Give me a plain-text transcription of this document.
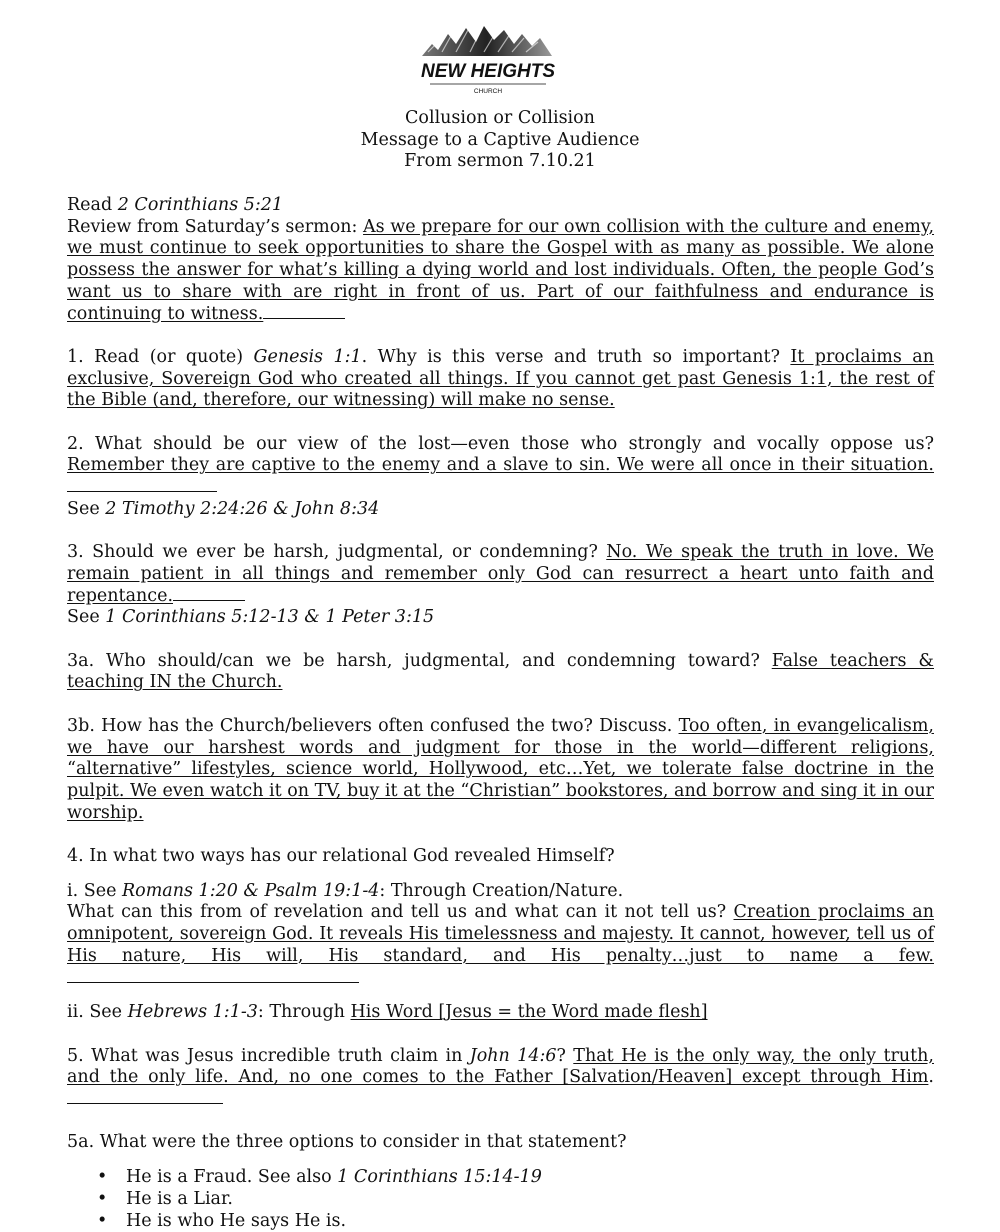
NEW HEIGHTS
CHURCH
Collusion or Collision
Message to a Captive Audience
From sermon 7.10.21
Read 2 Corinthians 5:21
Review from Saturday’s sermon: As we prepare for our own collision with the culture and enemy, we must continue to seek opportunities to share the Gospel with as many as possible. We alone possess the answer for what’s killing a dying world and lost individuals. Often, the people God’s want us to share with are right in front of us. Part of our faithfulness and endurance is continuing to witness.
1. Read (or quote) Genesis 1:1. Why is this verse and truth so important? It proclaims an exclusive, Sovereign God who created all things. If you cannot get past Genesis 1:1, the rest of the Bible (and, therefore, our witnessing) will make no sense.
2. What should be our view of the lost—even those who strongly and vocally oppose us? Remember they are captive to the enemy and a slave to sin. We were all once in their situation.
See 2 Timothy 2:24:26 & John 8:34
3. Should we ever be harsh, judgmental, or condemning? No. We speak the truth in love. We remain patient in all things and remember only God can resurrect a heart unto faith and repentance.
See 1 Corinthians 5:12-13 & 1 Peter 3:15
3a. Who should/can we be harsh, judgmental, and condemning toward? False teachers & teaching IN the Church.
3b. How has the Church/believers often confused the two? Discuss. Too often, in evangelicalism, we have our harshest words and judgment for those in the world—different religions, “alternative” lifestyles, science world, Hollywood, etc…Yet, we tolerate false doctrine in the pulpit. We even watch it on TV, buy it at the “Christian” bookstores, and borrow and sing it in our worship.
4. In what two ways has our relational God revealed Himself?
i. See Romans 1:20 & Psalm 19:1-4: Through Creation/Nature.
What can this from of revelation and tell us and what can it not tell us? Creation proclaims an omnipotent, sovereign God. It reveals His timelessness and majesty. It cannot, however, tell us of His nature, His will, His standard, and His penalty…just to name a few.
ii. See Hebrews 1:1-3: Through His Word [Jesus = the Word made flesh]
5. What was Jesus incredible truth claim in John 14:6? That He is the only way, the only truth, and the only life. And, no one comes to the Father [Salvation/Heaven] except through Him.
5a. What were the three options to consider in that statement?
• He is a Fraud. See also 1 Corinthians 15:14-19
• He is a Liar.
• He is who He says He is.
